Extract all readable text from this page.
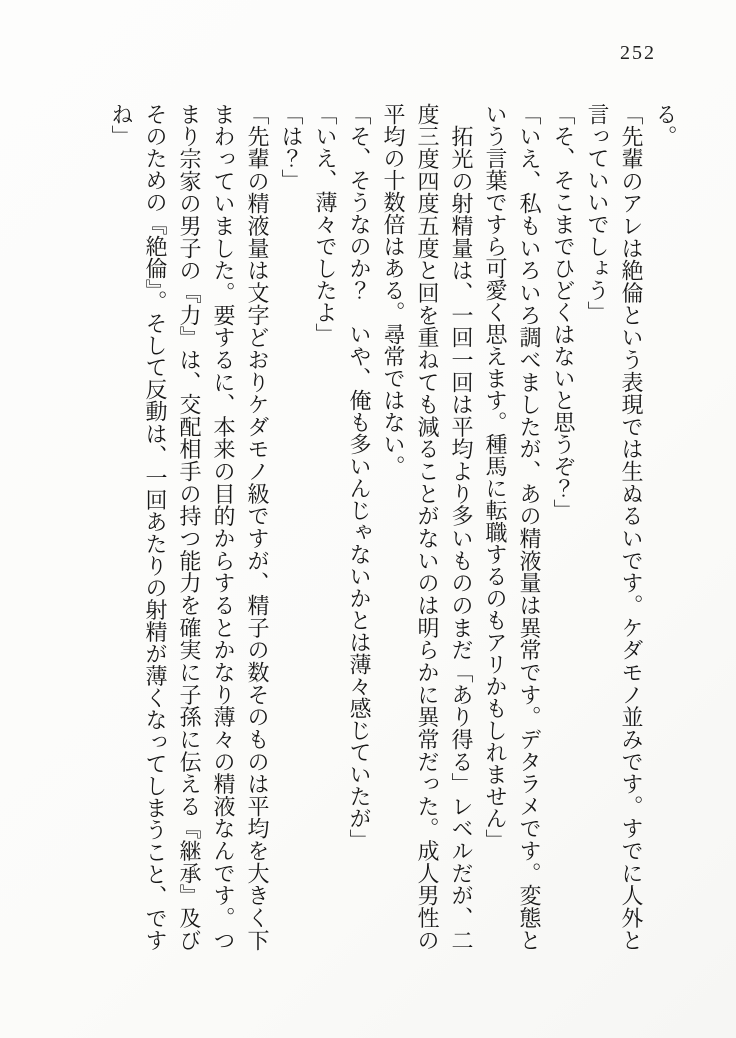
252

る。

「先輩のアレは絶倫という表現では生ぬるいです。ケダモノ並みです。すでに人外と言っていいでしょう」

「そ、そこまでひどくはないと思うぞ？」

「いえ、私もいろいろ調べましたが、あの精液量は異常です。デタラメです。変態という言葉ですら可愛く思えます。種馬に転職するのもアリかもしれません」

　拓光の射精量は、一回一回は平均より多いもののまだ「あり得る」レベルだが、二度三度四度五度と回を重ねても減ることがないのは明らかに異常だった。成人男性の平均の十数倍はある。尋常ではない。

「そ、そうなのか？　いや、俺も多いんじゃないかとは薄々感じていたが」

「いえ、薄々でしたよ」

「は？」

「先輩の精液量は文字どおりケダモノ級ですが、精子の数そのものは平均を大きく下まわっていました。要するに、本来の目的からするとかなり薄々の精液なんです。つまり宗家の男子の『力』は、交配相手の持つ能力を確実に子孫に伝える『継承』及びそのための『絶倫』。そして反動は、一回あたりの射精が薄くなってしまうこと、ですね」
